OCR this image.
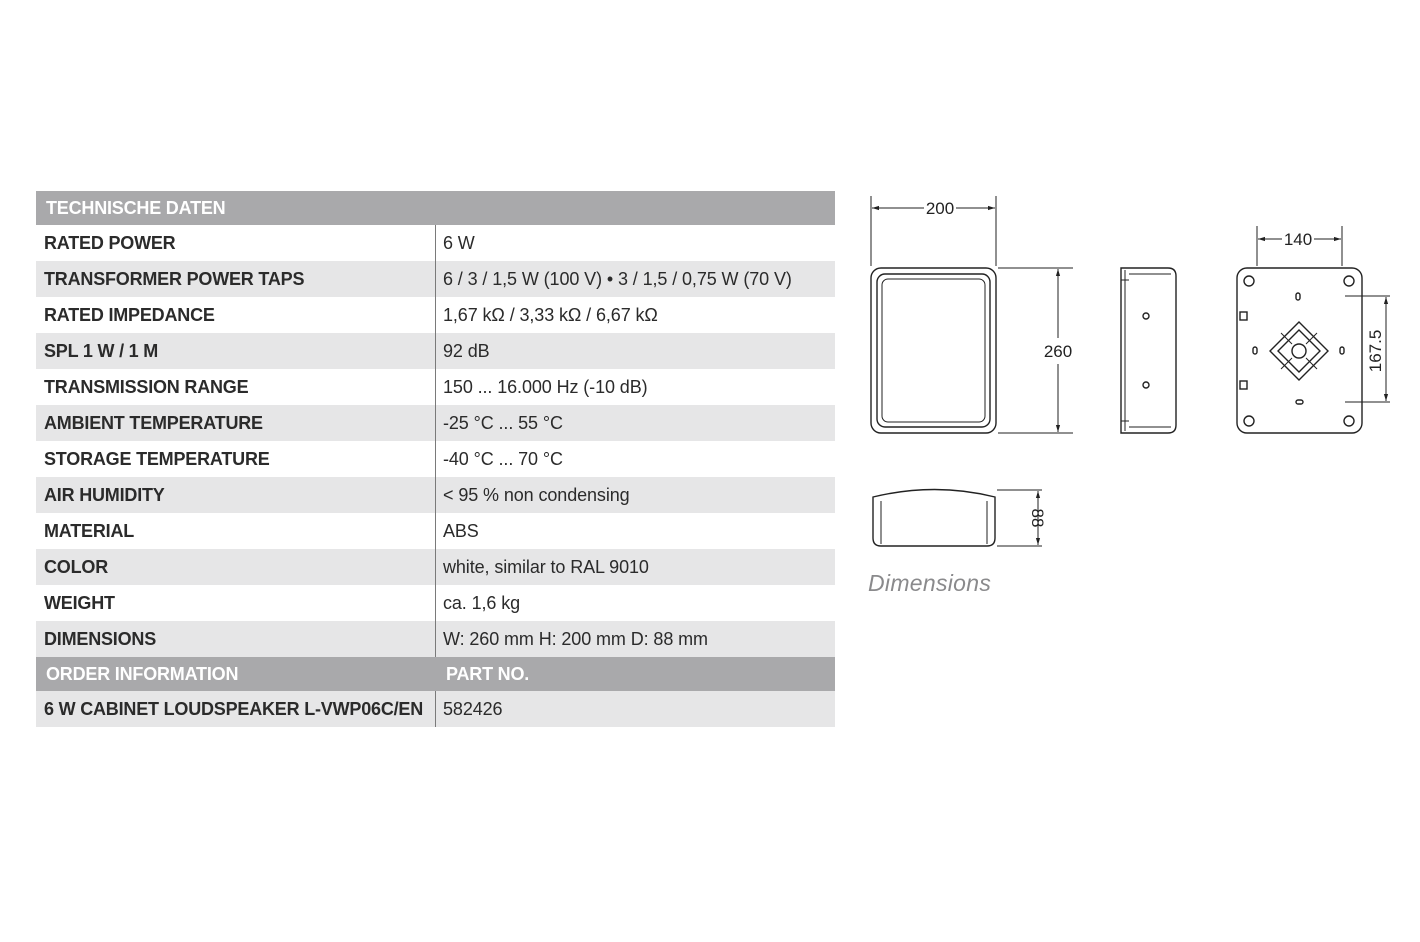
TECHNISCHE DATEN	
RATED POWER	6 W
TRANSFORMER POWER TAPS	6 / 3 / 1,5 W (100 V) • 3 / 1,5 / 0,75 W (70 V)
RATED IMPEDANCE	1,67 kΩ / 3,33 kΩ / 6,67 kΩ
SPL 1 W / 1 M	92 dB
TRANSMISSION RANGE	150 ... 16.000 Hz (-10 dB)
AMBIENT TEMPERATURE	-25 °C ... 55 °C
STORAGE TEMPERATURE	-40 °C ... 70 °C
AIR HUMIDITY	< 95 % non condensing
MATERIAL	ABS
COLOR	white, similar to RAL 9010
WEIGHT	ca. 1,6 kg
DIMENSIONS	W: 260 mm H: 200 mm D: 88 mm
ORDER INFORMATION	PART NO.
6 W CABINET LOUDSPEAKER L-VWP06C/EN	582426
200
260
140
167.5
88
Dimensions
